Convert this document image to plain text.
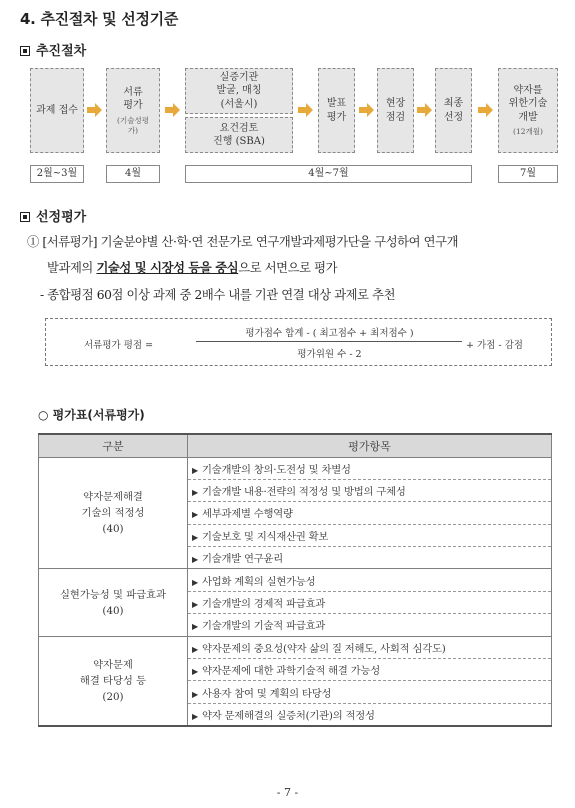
4. 추진절차 및 선정기준
추진절차
과제 접수
서류
평가
(기술성평
가)
실증기관
발굴, 매칭
(서울시)
요건검토
진행 (SBA)
발표
평가
현장
점검
최종
선정
약자를
위한기술
개발
(12개월)
2월~3월	4월	4월~7월	7월
선정평가
① [서류평가] 기술분야별 산·학·연 전문가로 연구개발과제평가단을 구성하여 연구개
발과제의 기술성 및 시장성 등을 중심으로 서면으로 평가
- 종합평점 60점 이상 과제 중 2배수 내를 기관 연결 대상 과제로 추천
서류평가 평점 =
평가점수 합계 - ( 최고점수 + 최저점수 )
평가위원 수 - 2
+ 가점 - 감점
○ 평가표(서류평가)
구분	평가항목

약자문제해결
기술의 적정성
(40)	▶ 기술개발의 창의·도전성 및 차별성
	▶ 기술개발 내용·전략의 적정성 및 방법의 구체성
	▶ 세부과제별 수행역량
	▶ 기술보호 및 지식재산권 확보
	▶ 기술개발 연구윤리

실현가능성 및 파급효과
(40)	▶ 사업화 계획의 실현가능성
	▶ 기술개발의 경제적 파급효과
	▶ 기술개발의 기술적 파급효과

약자문제
해결 타당성 등
(20)	▶ 약자문제의 중요성(약자 삶의 질 저해도, 사회적 심각도)
	▶ 약자문제에 대한 과학기술적 해결 가능성
	▶ 사용자 참여 및 계획의 타당성
	▶ 약자 문제해결의 실증처(기관)의 적정성
- 7 -
